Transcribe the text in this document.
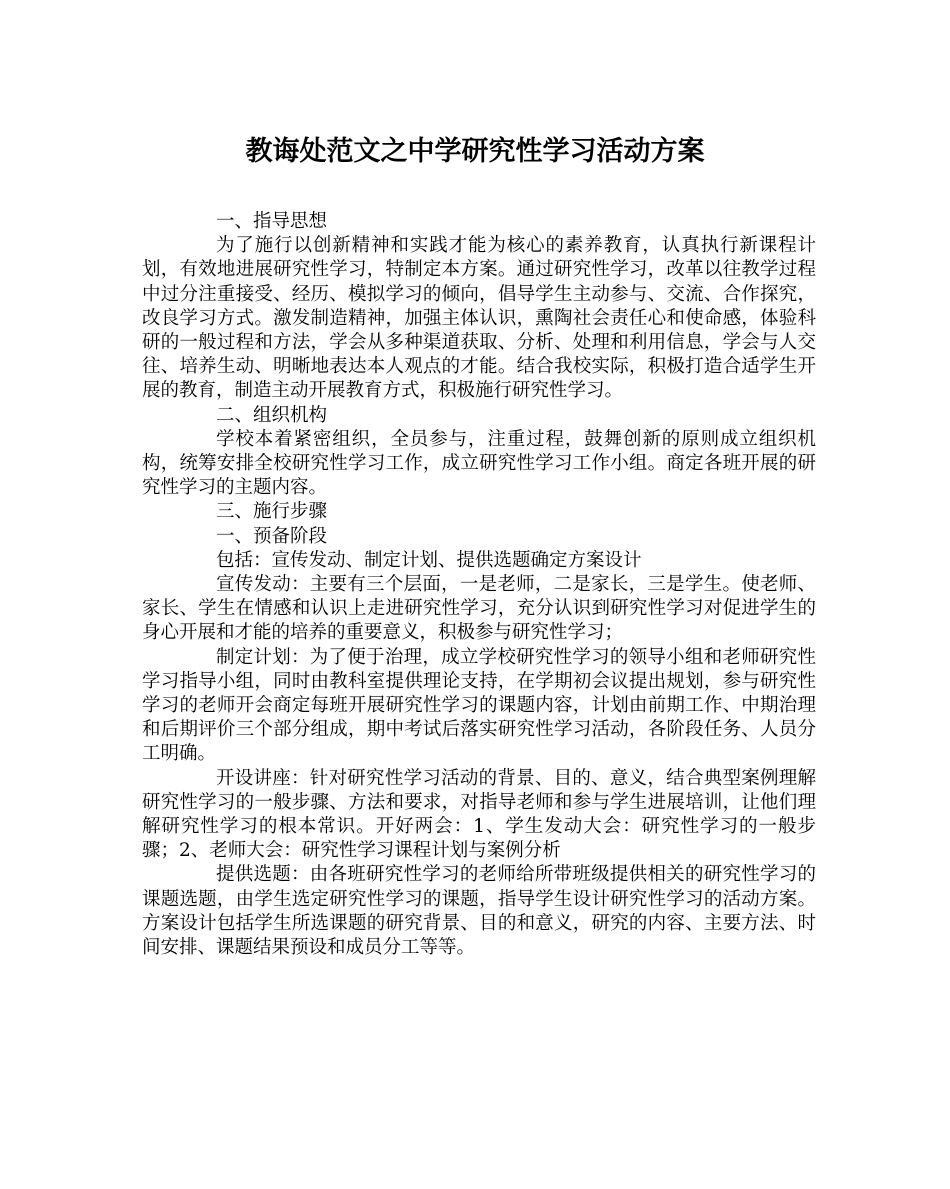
教诲处范文之中学研究性学习活动方案

一、指导思想

为了施行以创新精神和实践才能为核心的素养教育，认真执行新课程计划，有效地进展研究性学习，特制定本方案。通过研究性学习，改革以往教学过程中过分注重接受、经历、模拟学习的倾向，倡导学生主动参与、交流、合作探究，改良学习方式。激发制造精神，加强主体认识，熏陶社会责任心和使命感，体验科研的一般过程和方法，学会从多种渠道获取、分析、处理和利用信息，学会与人交往、培养生动、明晰地表达本人观点的才能。结合我校实际，积极打造合适学生开展的教育，制造主动开展教育方式，积极施行研究性学习。

二、组织机构

学校本着紧密组织，全员参与，注重过程，鼓舞创新的原则成立组织机构，统筹安排全校研究性学习工作，成立研究性学习工作小组。商定各班开展的研究性学习的主题内容。

三、施行步骤

一、预备阶段

包括：宣传发动、制定计划、提供选题确定方案设计

宣传发动：主要有三个层面，一是老师，二是家长，三是学生。使老师、家长、学生在情感和认识上走进研究性学习，充分认识到研究性学习对促进学生的身心开展和才能的培养的重要意义，积极参与研究性学习；

制定计划：为了便于治理，成立学校研究性学习的领导小组和老师研究性学习指导小组，同时由教科室提供理论支持，在学期初会议提出规划，参与研究性学习的老师开会商定每班开展研究性学习的课题内容，计划由前期工作、中期治理和后期评价三个部分组成，期中考试后落实研究性学习活动，各阶段任务、人员分工明确。

开设讲座：针对研究性学习活动的背景、目的、意义，结合典型案例理解研究性学习的一般步骤、方法和要求，对指导老师和参与学生进展培训，让他们理解研究性学习的根本常识。开好两会：1、学生发动大会：研究性学习的一般步骤；2、老师大会：研究性学习课程计划与案例分析

提供选题：由各班研究性学习的老师给所带班级提供相关的研究性学习的课题选题，由学生选定研究性学习的课题，指导学生设计研究性学习的活动方案。方案设计包括学生所选课题的研究背景、目的和意义，研究的内容、主要方法、时间安排、课题结果预设和成员分工等等。
